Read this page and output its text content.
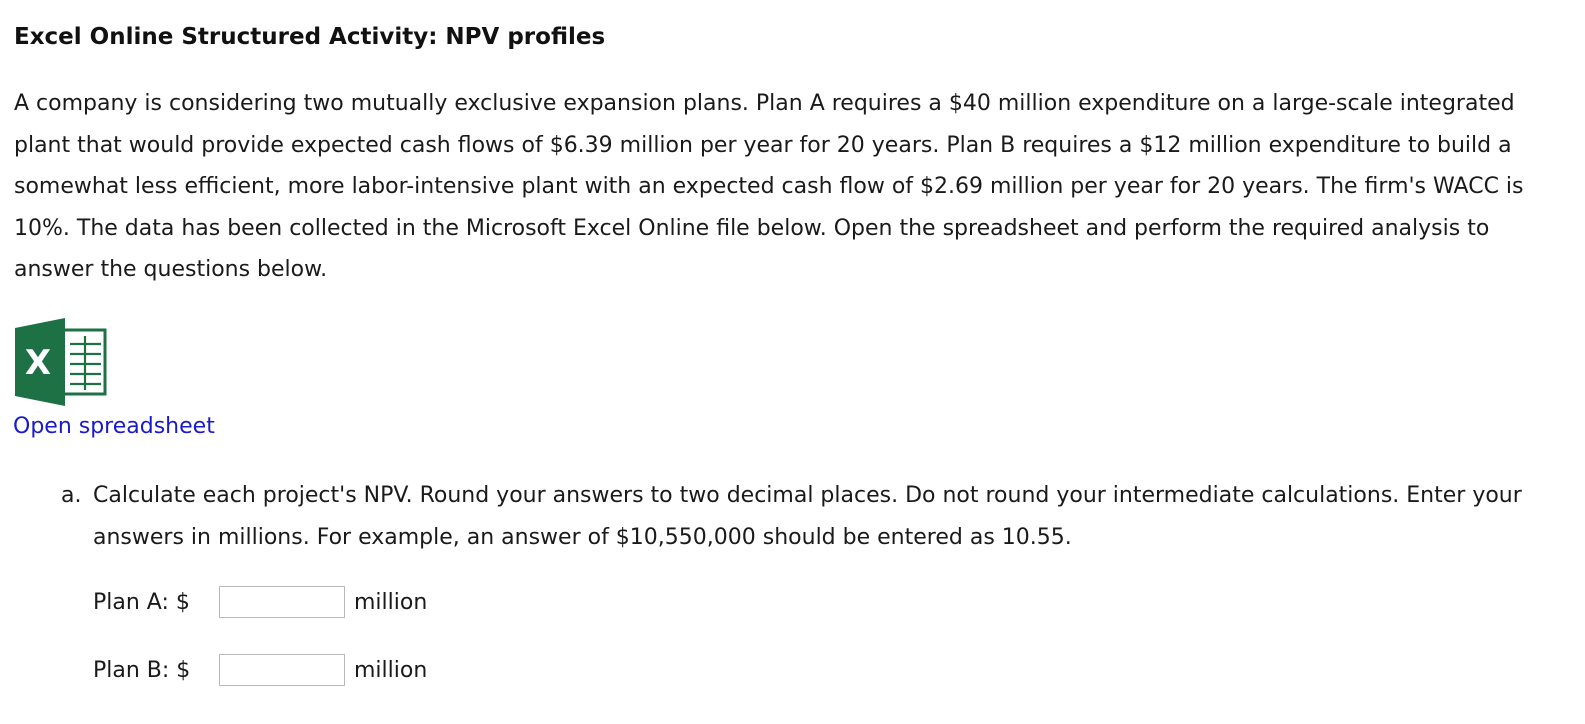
Excel Online Structured Activity: NPV profiles

A company is considering two mutually exclusive expansion plans. Plan A requires a $40 million expenditure on a large-scale integrated plant that would provide expected cash flows of $6.39 million per year for 20 years. Plan B requires a $12 million expenditure to build a somewhat less efficient, more labor-intensive plant with an expected cash flow of $2.69 million per year for 20 years. The firm's WACC is 10%. The data has been collected in the Microsoft Excel Online file below. Open the spreadsheet and perform the required analysis to answer the questions below.

X
Open spreadsheet
a. Calculate each project's NPV. Round your answers to two decimal places. Do not round your intermediate calculations. Enter your answers in millions. For example, an answer of $10,550,000 should be entered as 10.55.
Plan A: $	million
Plan B: $	million
